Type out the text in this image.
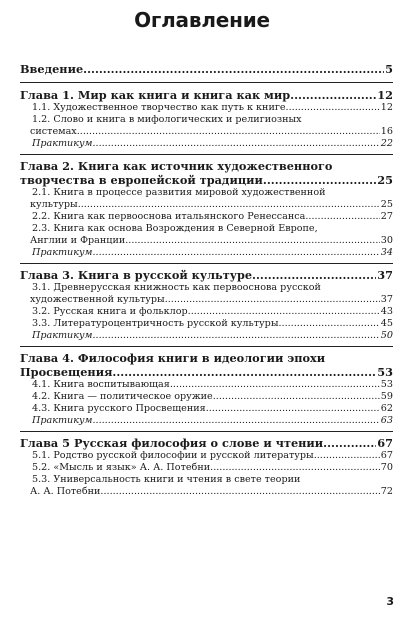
Оглавление
Введение .....	5
Глава 1. Мир как книга и книга как мир .....	12
1.1. Художественное творчество как путь к книге .....	12
1.2. Слово и книга в мифологических и религиозных
системах .....	16
Практикум .....	22
Глава 2. Книга как источник художественного
творчества в европейской традиции .....	25
2.1. Книга в процессе развития мировой художественной
культуры .....	25
2.2. Книга как первооснова итальянского Ренессанса .....	27
2.3. Книга как основа Возрождения в Северной Европе,
Англии и Франции .....	30
Практикум .....	34
Глава 3. Книга в русской культуре .....	37
3.1. Древнерусская книжность как первооснова русской
художественной культуры .....	37
3.2. Русская книга и фольклор .....	43
3.3. Литературоцентричность русской культуры .....	45
Практикум .....	50
Глава 4. Философия книги в идеологии эпохи
Просвещения .....	53
4.1. Книга воспитывающая .....	53
4.2. Книга — политическое оружие .....	59
4.3. Книга русского Просвещения .....	62
Практикум .....	63
Глава 5 Русская философия о слове и чтении .....	67
5.1. Родство русской философии и русской литературы .....	67
5.2. «Мысль и язык» А. А. Потебни .....	70
5.3. Универсальность книги и чтения в свете теории
А. А. Потебни .....	72
3
